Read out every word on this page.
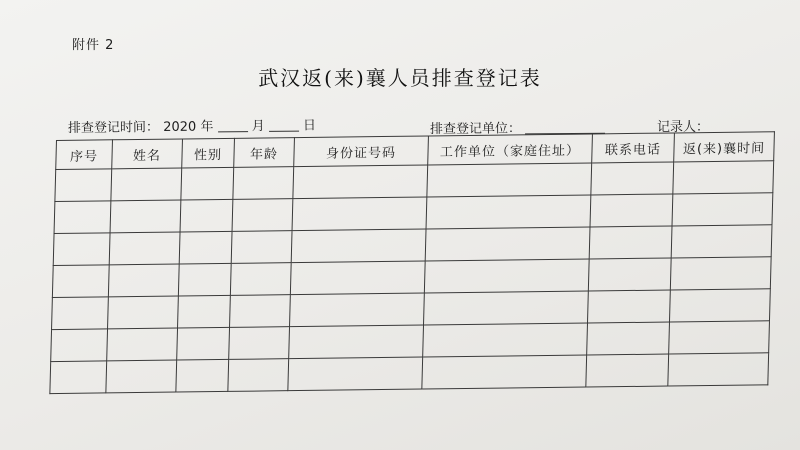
附件 2
武汉返(来)襄人员排查登记表
排查登记时间： 2020 年	月	日	排查登记单位：	记录人：
序号	姓名	性别	年龄	身份证号码	工作单位（家庭住址）	联系电话	返(来)襄时间
